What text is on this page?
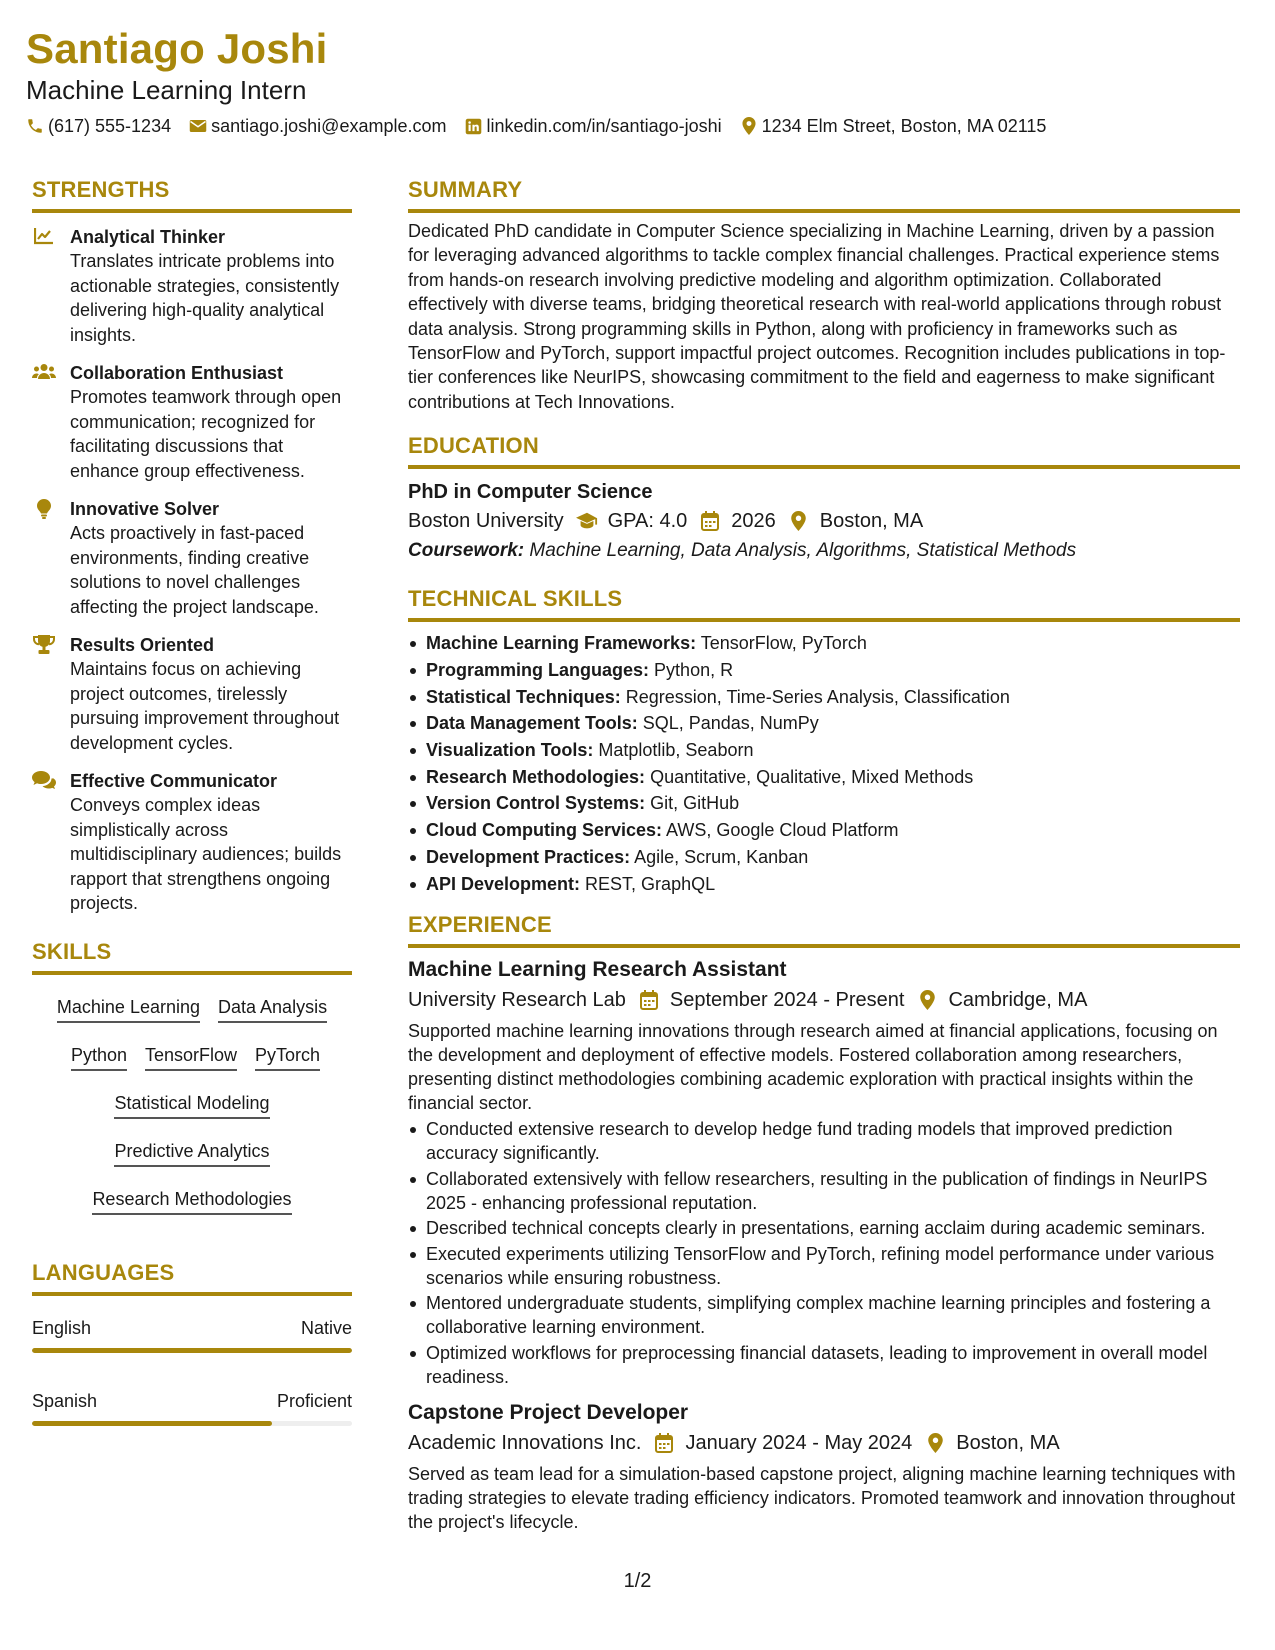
Santiago Joshi
Machine Learning Intern
(617) 555-1234 santiago.joshi@example.com linkedin.com/in/santiago-joshi 1234 Elm Street, Boston, MA 02115
STRENGTHS
Analytical Thinker
Translates intricate problems into actionable strategies, consistently delivering high-quality analytical insights.
Collaboration Enthusiast
Promotes teamwork through open communication; recognized for facilitating discussions that enhance group effectiveness.
Innovative Solver
Acts proactively in fast-paced environments, finding creative solutions to novel challenges affecting the project landscape.
Results Oriented
Maintains focus on achieving project outcomes, tirelessly pursuing improvement throughout development cycles.
Effective Communicator
Conveys complex ideas simplistically across multidisciplinary audiences; builds rapport that strengthens ongoing projects.
SKILLS
Machine Learning Data Analysis
Python TensorFlow PyTorch
Statistical Modeling
Predictive Analytics
Research Methodologies
LANGUAGES
English	Native
Spanish	Proficient
SUMMARY
Dedicated PhD candidate in Computer Science specializing in Machine Learning, driven by a passion for leveraging advanced algorithms to tackle complex financial challenges. Practical experience stems from hands-on research involving predictive modeling and algorithm optimization. Collaborated effectively with diverse teams, bridging theoretical research with real-world applications through robust data analysis. Strong programming skills in Python, along with proficiency in frameworks such as TensorFlow and PyTorch, support impactful project outcomes. Recognition includes publications in top-tier conferences like NeurIPS, showcasing commitment to the field and eagerness to make significant contributions at Tech Innovations.
EDUCATION
PhD in Computer Science
Boston University GPA: 4.0 2026 Boston, MA
Coursework: Machine Learning, Data Analysis, Algorithms, Statistical Methods
TECHNICAL SKILLS
Machine Learning Frameworks: TensorFlow, PyTorch
Programming Languages: Python, R
Statistical Techniques: Regression, Time-Series Analysis, Classification
Data Management Tools: SQL, Pandas, NumPy
Visualization Tools: Matplotlib, Seaborn
Research Methodologies: Quantitative, Qualitative, Mixed Methods
Version Control Systems: Git, GitHub
Cloud Computing Services: AWS, Google Cloud Platform
Development Practices: Agile, Scrum, Kanban
API Development: REST, GraphQL
EXPERIENCE
Machine Learning Research Assistant
University Research Lab September 2024 - Present Cambridge, MA
Supported machine learning innovations through research aimed at financial applications, focusing on the development and deployment of effective models. Fostered collaboration among researchers, presenting distinct methodologies combining academic exploration with practical insights within the financial sector.
Conducted extensive research to develop hedge fund trading models that improved prediction accuracy significantly.
Collaborated extensively with fellow researchers, resulting in the publication of findings in NeurIPS 2025 - enhancing professional reputation.
Described technical concepts clearly in presentations, earning acclaim during academic seminars.
Executed experiments utilizing TensorFlow and PyTorch, refining model performance under various scenarios while ensuring robustness.
Mentored undergraduate students, simplifying complex machine learning principles and fostering a collaborative learning environment.
Optimized workflows for preprocessing financial datasets, leading to improvement in overall model readiness.
Capstone Project Developer
Academic Innovations Inc. January 2024 - May 2024 Boston, MA
Served as team lead for a simulation-based capstone project, aligning machine learning techniques with trading strategies to elevate trading efficiency indicators. Promoted teamwork and innovation throughout the project's lifecycle.
1/2
